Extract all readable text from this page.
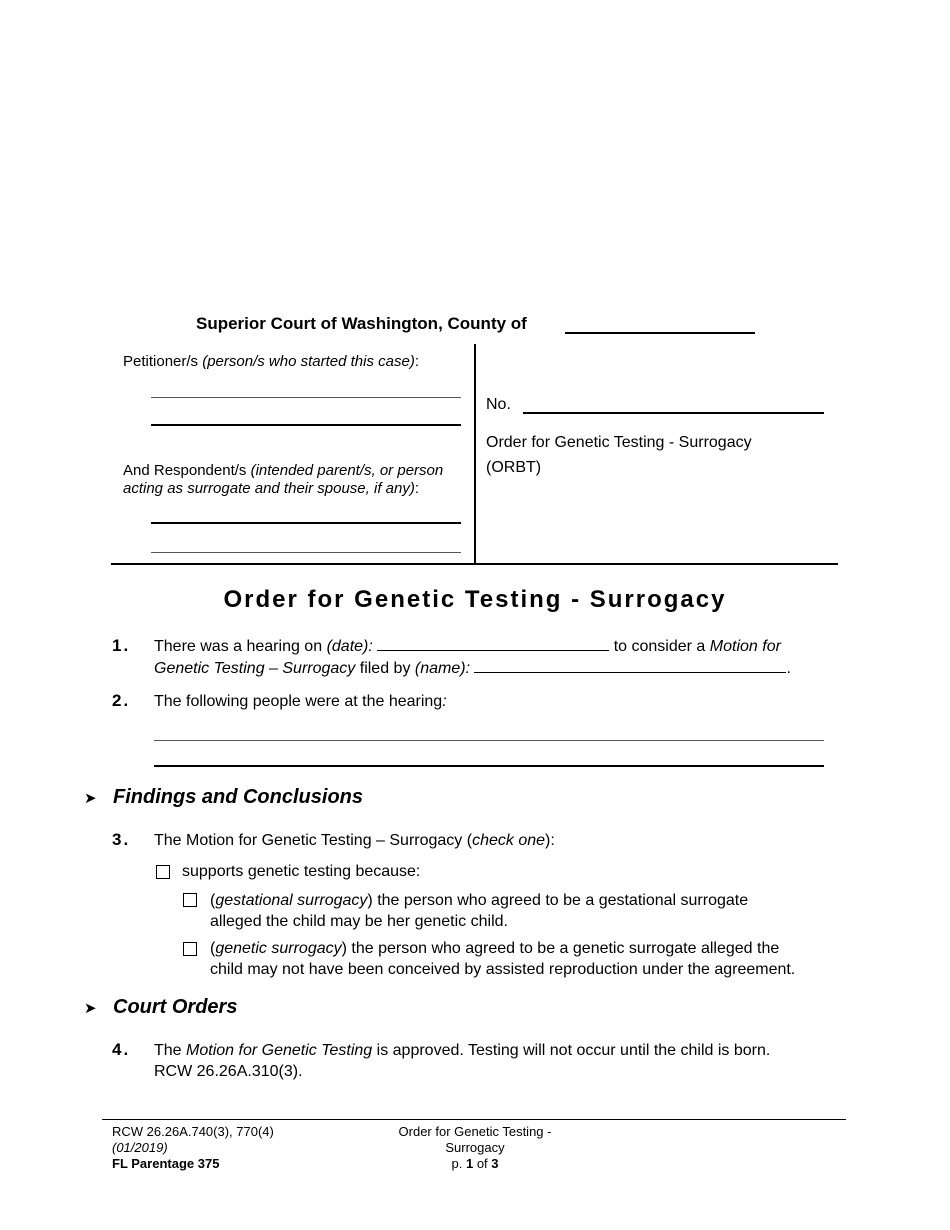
Superior Court of Washington, County of
Petitioner/s (person/s who started this case):
And Respondent/s (intended parent/s, or person
acting as surrogate and their spouse, if any):
No.
Order for Genetic Testing - Surrogacy
(ORBT)
Order for Genetic Testing - Surrogacy
1. There was a hearing on (date):	to consider a Motion for
Genetic Testing – Surrogacy filed by (name):	.
2. The following people were at the hearing:
➤ Findings and Conclusions
3. The Motion for Genetic Testing – Surrogacy (check one):
supports genetic testing because:
(gestational surrogacy) the person who agreed to be a gestational surrogate
alleged the child may be her genetic child.
(genetic surrogacy) the person who agreed to be a genetic surrogate alleged the
child may not have been conceived by assisted reproduction under the agreement.
➤ Court Orders
4. The Motion for Genetic Testing is approved. Testing will not occur until the child is born.
RCW 26.26A.310(3).
RCW 26.26A.740(3), 770(4)
(01/2019)
FL Parentage 375
Order for Genetic Testing -
Surrogacy
p. 1 of 3
